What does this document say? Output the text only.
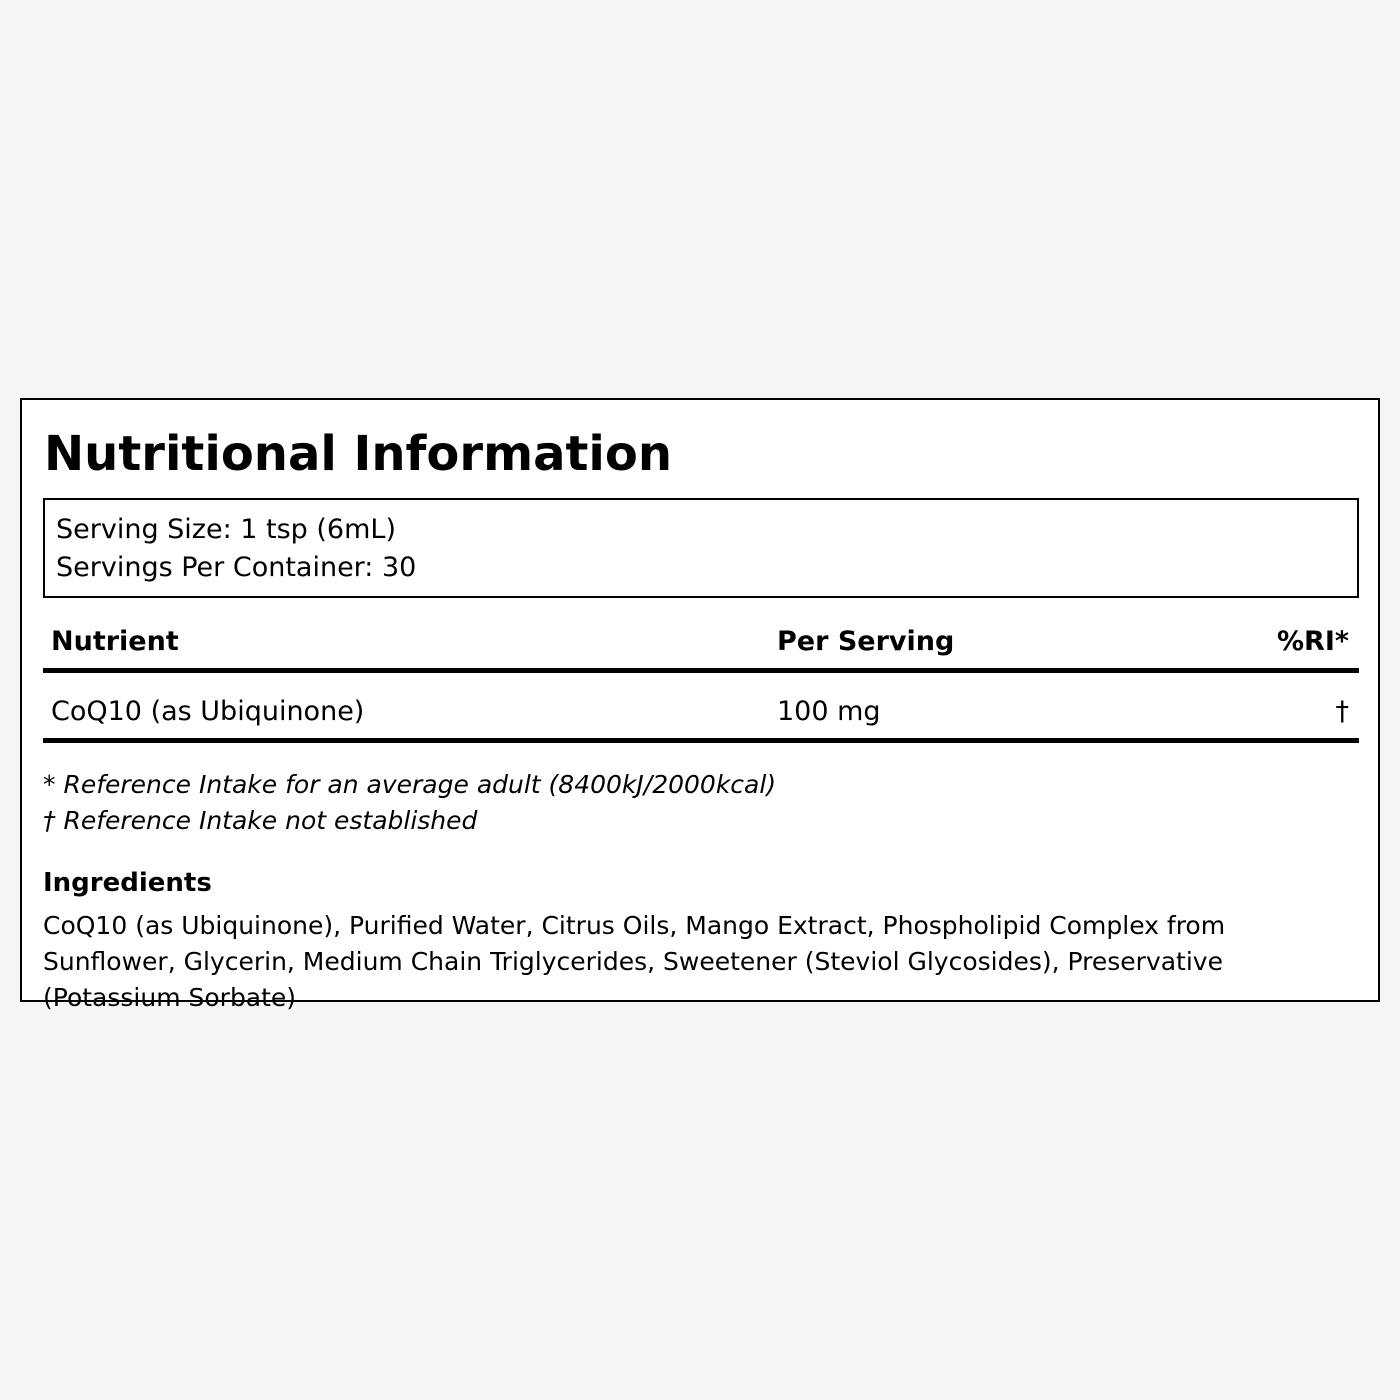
Nutritional Information
Serving Size: 1 tsp (6mL)
Servings Per Container: 30
Nutrient	Per Serving	%RI*
CoQ10 (as Ubiquinone)	100 mg	†
* Reference Intake for an average adult (8400kJ/2000kcal)
† Reference Intake not established
Ingredients

CoQ10 (as Ubiquinone), Purified Water, Citrus Oils, Mango Extract, Phospholipid Complex from Sunflower, Glycerin, Medium Chain Triglycerides, Sweetener (Steviol Glycosides), Preservative (Potassium Sorbate)
